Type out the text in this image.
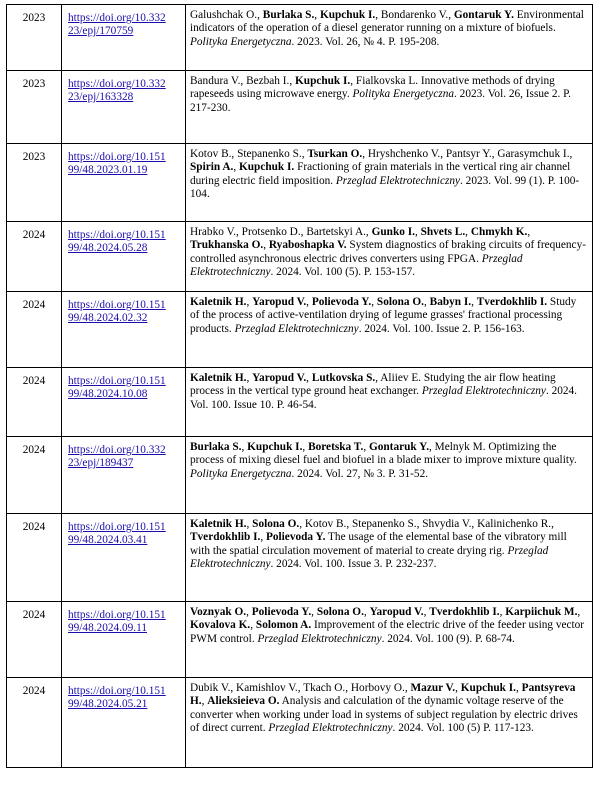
2023	https://doi.org/10.332
23/epj/170759	Galushchak O., Burlaka S., Kupchuk I., Bondarenko V., Gontaruk Y. Environmental indicators of the operation of a diesel generator running on a mixture of biofuels. Polityka Energetyczna. 2023. Vol. 26, № 4. P. 195-208.
2023	https://doi.org/10.332
23/epj/163328	Bandura V., Bezbah I., Kupchuk I., Fialkovska L. Innovative methods of drying rapeseeds using microwave energy. Polityka Energetyczna. 2023. Vol. 26, Issue 2. P. 217-230.
2023	https://doi.org/10.151
99/48.2023.01.19	Kotov B., Stepanenko S., Tsurkan O., Hryshchenko V., Pantsyr Y., Garasymchuk I., Spirin A., Kupchuk I. Fractioning of grain materials in the vertical ring air channel during electric field imposition. Przeglad Elektrotechniczny. 2023. Vol. 99 (1). P. 100-104.
2024	https://doi.org/10.151
99/48.2024.05.28	Hrabko V., Protsenko D., Bartetskyi A., Gunko I., Shvets L., Chmykh K., Trukhanska O., Ryaboshapka V. System diagnostics of braking circuits of frequency-controlled asynchronous electric drives converters using FPGA. Przeglad Elektrotechniczny. 2024. Vol. 100 (5). P. 153-157.
2024	https://doi.org/10.151
99/48.2024.02.32	Kaletnik H., Yaropud V., Polievoda Y., Solona O., Babyn I., Tverdokhlib I. Study of the process of active-ventilation drying of legume grasses' fractional processing products. Przeglad Elektrotechniczny. 2024. Vol. 100. Issue 2. P. 156-163.
2024	https://doi.org/10.151
99/48.2024.10.08	Kaletnik H., Yaropud V., Lutkovska S., Aliiev E. Studying the air flow heating process in the vertical type ground heat exchanger. Przeglad Elektrotechniczny. 2024. Vol. 100. Issue 10. P. 46-54.
2024	https://doi.org/10.332
23/epj/189437	Burlaka S., Kupchuk I., Boretska T., Gontaruk Y., Melnyk M. Optimizing the process of mixing diesel fuel and biofuel in a blade mixer to improve mixture quality. Polityka Energetyczna. 2024. Vol. 27, № 3. P. 31-52.
2024	https://doi.org/10.151
99/48.2024.03.41	Kaletnik H., Solona O., Kotov B., Stepanenko S., Shvydia V., Kalinichenko R., Tverdokhlib I., Polievoda Y. The usage of the elemental base of the vibratory mill with the spatial circulation movement of material to create drying rig. Przeglad Elektrotechniczny. 2024. Vol. 100. Issue 3. P. 232-237.
2024	https://doi.org/10.151
99/48.2024.09.11	Voznyak O., Polievoda Y., Solona O., Yaropud V., Tverdokhlib I., Karpiichuk M., Kovalova K., Solomon A. Improvement of the electric drive of the feeder using vector PWM control. Przeglad Elektrotechniczny. 2024. Vol. 100 (9). P. 68-74.
2024	https://doi.org/10.151
99/48.2024.05.21	Dubik V., Kamishlov V., Tkach O., Horbovy O., Mazur V., Kupchuk I., Pantsyreva H., Alieksieieva O. Analysis and calculation of the dynamic voltage reserve of the converter when working under load in systems of subject regulation by electric drives of direct current. Przeglad Elektrotechniczny. 2024. Vol. 100 (5) P. 117-123.
